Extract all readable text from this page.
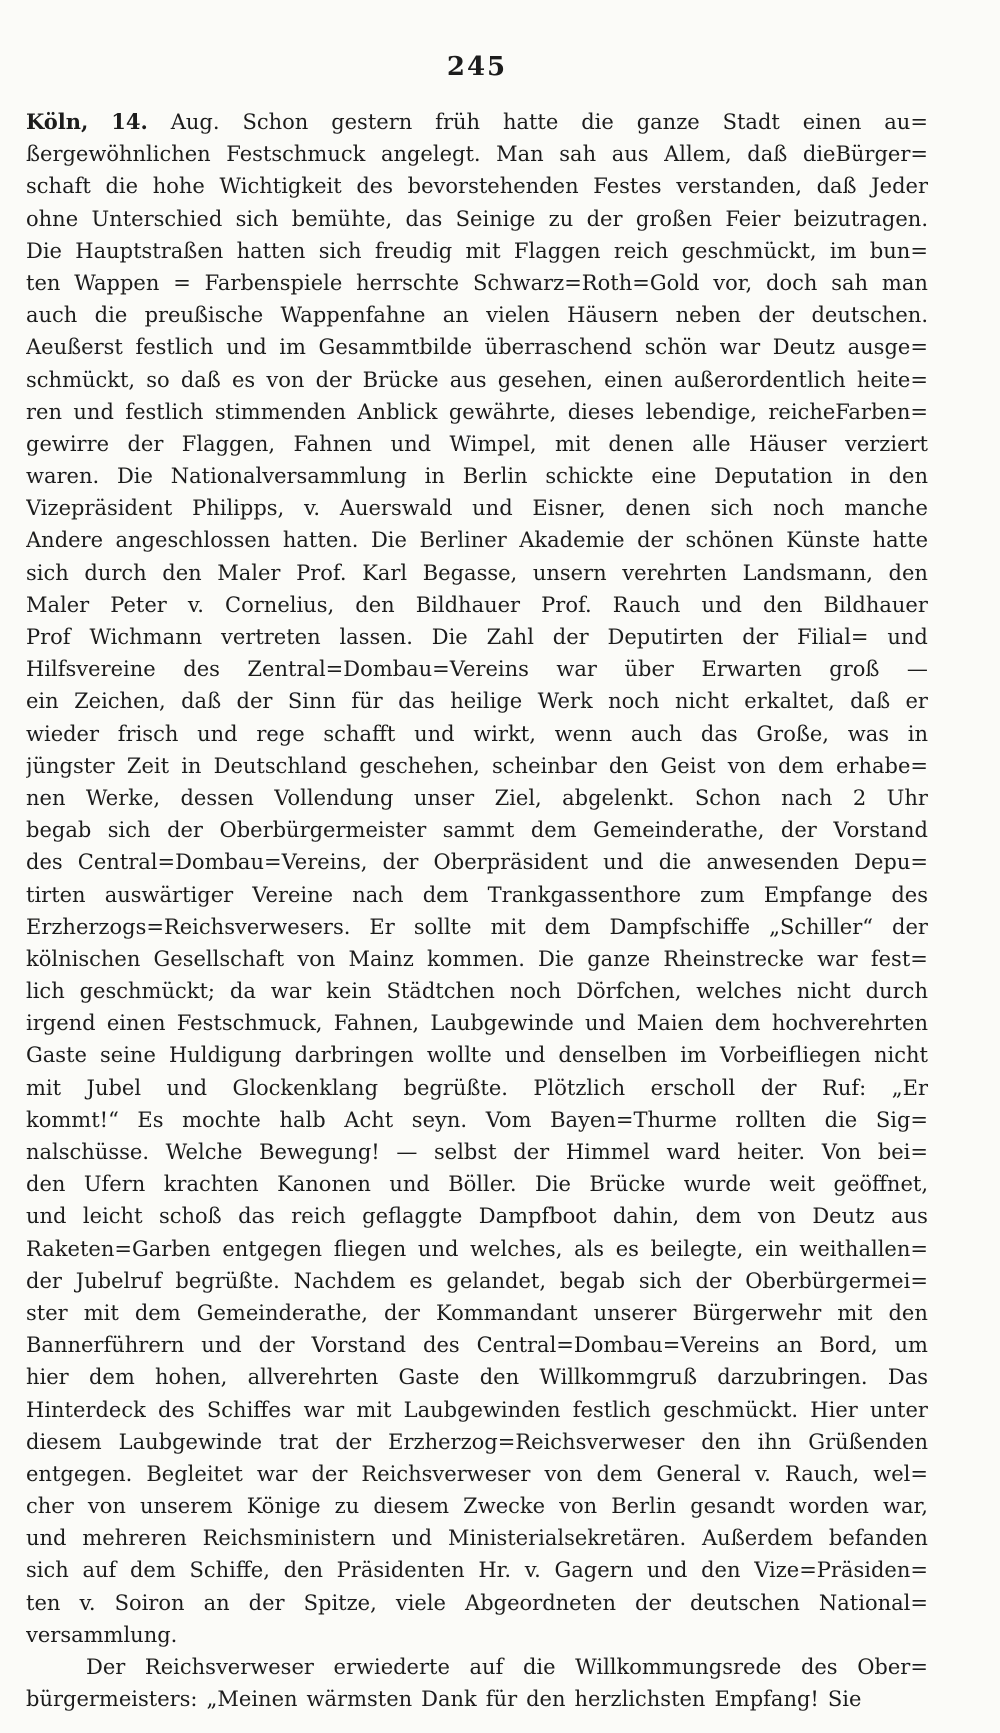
245
Köln, 14. Aug. Schon gestern früh hatte die ganze Stadt einen au=
ßergewöhnlichen Festschmuck angelegt. Man sah aus Allem, daß dieBürger=
schaft die hohe Wichtigkeit des bevorstehenden Festes verstanden, daß Jeder
ohne Unterschied sich bemühte, das Seinige zu der großen Feier beizutragen.
Die Hauptstraßen hatten sich freudig mit Flaggen reich geschmückt, im bun=
ten Wappen = Farbenspiele herrschte Schwarz=Roth=Gold vor, doch sah man
auch die preußische Wappenfahne an vielen Häusern neben der deutschen.
Aeußerst festlich und im Gesammtbilde überraschend schön war Deutz ausge=
schmückt, so daß es von der Brücke aus gesehen, einen außerordentlich heite=
ren und festlich stimmenden Anblick gewährte, dieses lebendige, reicheFarben=
gewirre der Flaggen, Fahnen und Wimpel, mit denen alle Häuser verziert
waren. Die Nationalversammlung in Berlin schickte eine Deputation in den
Vizepräsident Philipps, v. Auerswald und Eisner, denen sich noch manche
Andere angeschlossen hatten. Die Berliner Akademie der schönen Künste hatte
sich durch den Maler Prof. Karl Begasse, unsern verehrten Landsmann, den
Maler Peter v. Cornelius, den Bildhauer Prof. Rauch und den Bildhauer
Prof Wichmann vertreten lassen. Die Zahl der Deputirten der Filial= und
Hilfsvereine des Zentral=Dombau=Vereins war über Erwarten groß —
ein Zeichen, daß der Sinn für das heilige Werk noch nicht erkaltet, daß er
wieder frisch und rege schafft und wirkt, wenn auch das Große, was in
jüngster Zeit in Deutschland geschehen, scheinbar den Geist von dem erhabe=
nen Werke, dessen Vollendung unser Ziel, abgelenkt. Schon nach 2 Uhr
begab sich der Oberbürgermeister sammt dem Gemeinderathe, der Vorstand
des Central=Dombau=Vereins, der Oberpräsident und die anwesenden Depu=
tirten auswärtiger Vereine nach dem Trankgassenthore zum Empfange des
Erzherzogs=Reichsverwesers. Er sollte mit dem Dampfschiffe „Schiller“ der
kölnischen Gesellschaft von Mainz kommen. Die ganze Rheinstrecke war fest=
lich geschmückt; da war kein Städtchen noch Dörfchen, welches nicht durch
irgend einen Festschmuck, Fahnen, Laubgewinde und Maien dem hochverehrten
Gaste seine Huldigung darbringen wollte und denselben im Vorbeifliegen nicht
mit Jubel und Glockenklang begrüßte. Plötzlich erscholl der Ruf: „Er
kommt!“ Es mochte halb Acht seyn. Vom Bayen=Thurme rollten die Sig=
nalschüsse. Welche Bewegung! — selbst der Himmel ward heiter. Von bei=
den Ufern krachten Kanonen und Böller. Die Brücke wurde weit geöffnet,
und leicht schoß das reich geflaggte Dampfboot dahin, dem von Deutz aus
Raketen=Garben entgegen fliegen und welches, als es beilegte, ein weithallen=
der Jubelruf begrüßte. Nachdem es gelandet, begab sich der Oberbürgermei=
ster mit dem Gemeinderathe, der Kommandant unserer Bürgerwehr mit den
Bannerführern und der Vorstand des Central=Dombau=Vereins an Bord, um
hier dem hohen, allverehrten Gaste den Willkommgruß darzubringen. Das
Hinterdeck des Schiffes war mit Laubgewinden festlich geschmückt. Hier unter
diesem Laubgewinde trat der Erzherzog=Reichsverweser den ihn Grüßenden
entgegen. Begleitet war der Reichsverweser von dem General v. Rauch, wel=
cher von unserem Könige zu diesem Zwecke von Berlin gesandt worden war,
und mehreren Reichsministern und Ministerialsekretären. Außerdem befanden
sich auf dem Schiffe, den Präsidenten Hr. v. Gagern und den Vize=Präsiden=
ten v. Soiron an der Spitze, viele Abgeordneten der deutschen National=
versammlung.
Der Reichsverweser erwiederte auf die Willkommungsrede des Ober=
bürgermeisters: „Meinen wärmsten Dank für den herzlichsten Empfang! Sie
